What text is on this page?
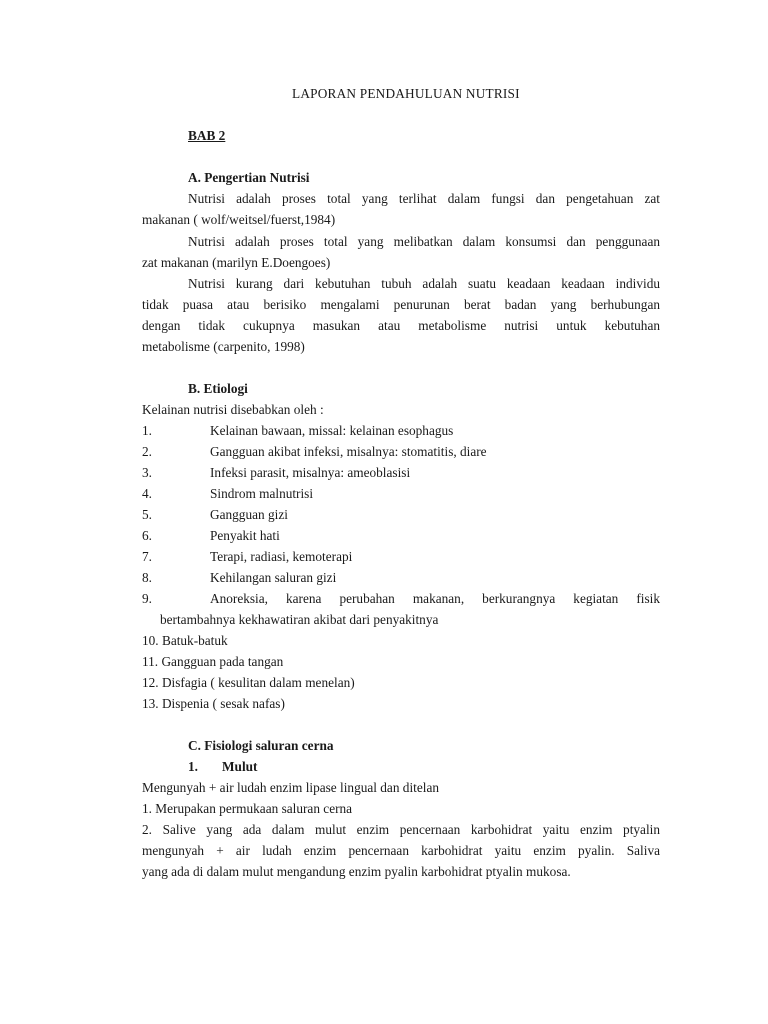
LAPORAN PENDAHULUAN NUTRISI
BAB 2
A. Pengertian Nutrisi
Nutrisi adalah proses total yang terlihat dalam fungsi dan pengetahuan zat
makanan ( wolf/weitsel/fuerst,1984)
Nutrisi adalah proses total yang melibatkan dalam konsumsi dan penggunaan
zat makanan (marilyn E.Doengoes)
Nutrisi kurang dari kebutuhan tubuh adalah suatu keadaan keadaan individu
tidak puasa atau berisiko mengalami penurunan berat badan yang berhubungan
dengan tidak cukupnya masukan atau metabolisme nutrisi untuk kebutuhan
metabolisme (carpenito, 1998)
B. Etiologi
Kelainan nutrisi disebabkan oleh :
1.	Kelainan bawaan, missal: kelainan esophagus
2.	Gangguan akibat infeksi, misalnya: stomatitis, diare
3.	Infeksi parasit, misalnya: ameoblasisi
4.	Sindrom malnutrisi
5.	Gangguan gizi
6.	Penyakit hati
7.	Terapi, radiasi, kemoterapi
8.	Kehilangan saluran gizi
9.	Anoreksia, karena perubahan makanan, berkurangnya kegiatan fisik
bertambahnya kekhawatiran akibat dari penyakitnya
10. Batuk-batuk
11. Gangguan pada tangan
12. Disfagia ( kesulitan dalam menelan)
13. Dispenia ( sesak nafas)
C. Fisiologi saluran cerna
1. Mulut
Mengunyah + air ludah enzim lipase lingual dan ditelan
1. Merupakan permukaan saluran cerna
2. Salive yang ada dalam mulut enzim pencernaan karbohidrat yaitu enzim ptyalin
mengunyah + air ludah enzim pencernaan karbohidrat yaitu enzim pyalin. Saliva
yang ada di dalam mulut mengandung enzim pyalin karbohidrat ptyalin mukosa.
